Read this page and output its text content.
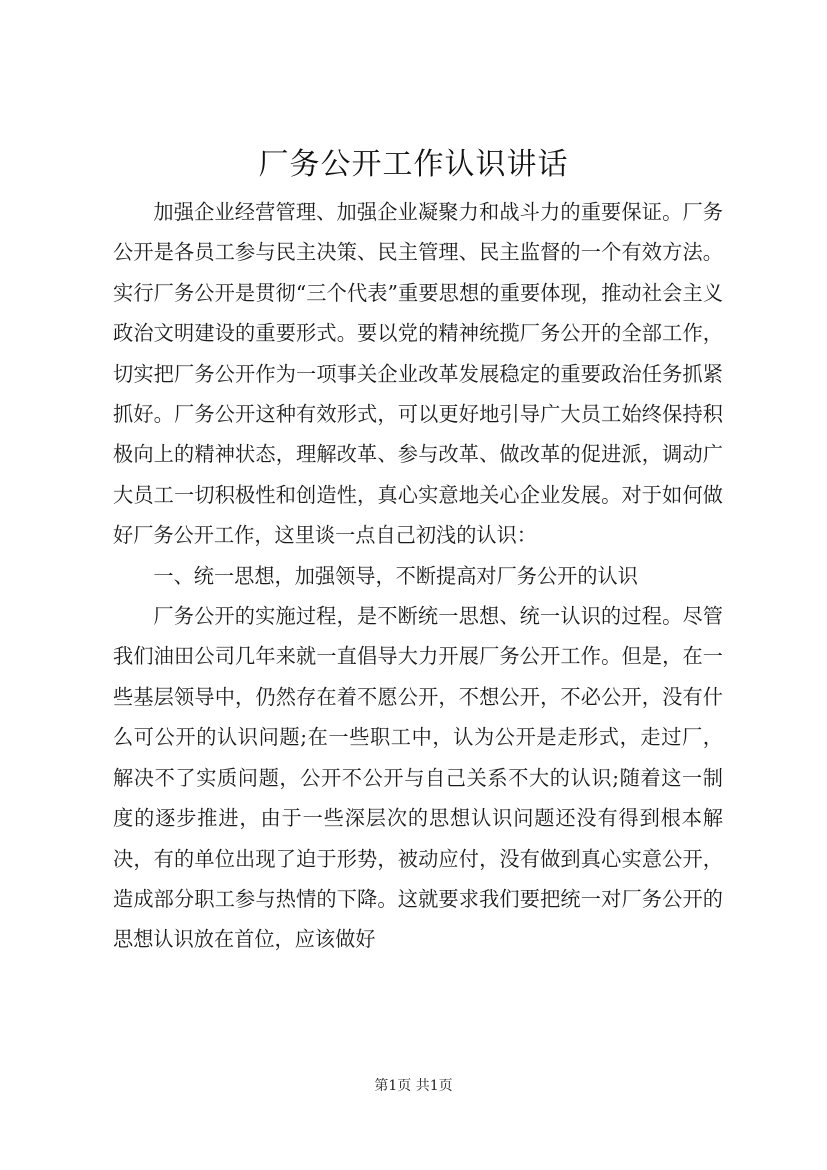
厂务公开工作认识讲话

加强企业经营管理、加强企业凝聚力和战斗力的重要保证。厂务公开是各员工参与民主决策、民主管理、民主监督的一个有效方法。实行厂务公开是贯彻“三个代表”重要思想的重要体现，推动社会主义政治文明建设的重要形式。要以党的精神统揽厂务公开的全部工作，切实把厂务公开作为一项事关企业改革发展稳定的重要政治任务抓紧抓好。厂务公开这种有效形式，可以更好地引导广大员工始终保持积极向上的精神状态，理解改革、参与改革、做改革的促进派，调动广大员工一切积极性和创造性，真心实意地关心企业发展。对于如何做好厂务公开工作，这里谈一点自己初浅的认识：

一、统一思想，加强领导，不断提高对厂务公开的认识

厂务公开的实施过程，是不断统一思想、统一认识的过程。尽管我们油田公司几年来就一直倡导大力开展厂务公开工作。但是，在一些基层领导中，仍然存在着不愿公开，不想公开，不必公开，没有什么可公开的认识问题;在一些职工中，认为公开是走形式，走过厂，解决不了实质问题，公开不公开与自己关系不大的认识;随着这一制度的逐步推进，由于一些深层次的思想认识问题还没有得到根本解决，有的单位出现了迫于形势，被动应付，没有做到真心实意公开，造成部分职工参与热情的下降。这就要求我们要把统一对厂务公开的思想认识放在首位，应该做好

第1页 共1页
